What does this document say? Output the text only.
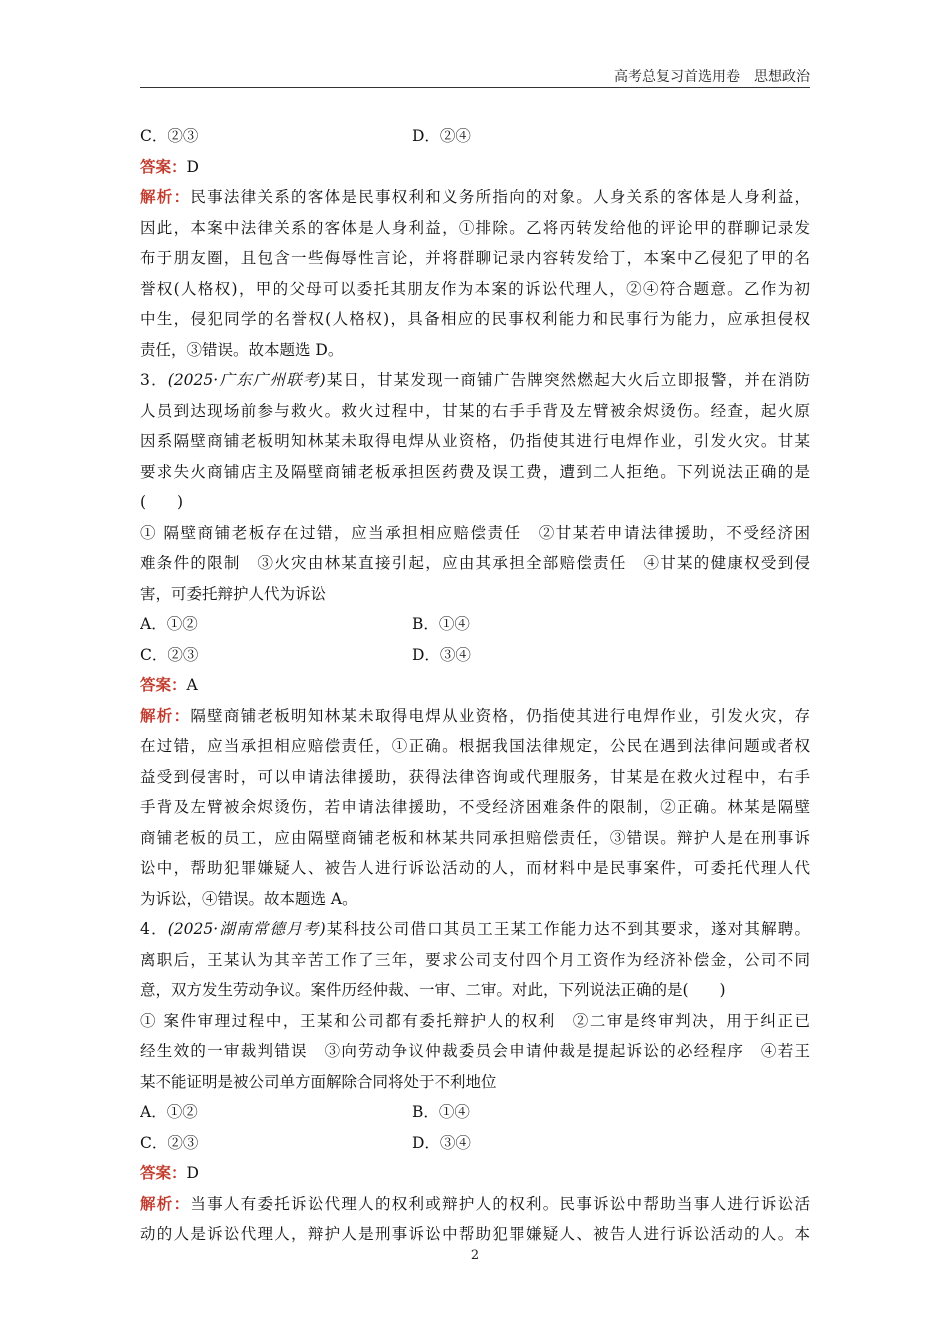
高考总复习首选用卷　思想政治
C．②③	D．②④
答案：D
解析：民事法律关系的客体是民事权利和义务所指向的对象。人身关系的客体是人身利益，
因此，本案中法律关系的客体是人身利益，①排除。乙将丙转发给他的评论甲的群聊记录发
布于朋友圈，且包含一些侮辱性言论，并将群聊记录内容转发给丁，本案中乙侵犯了甲的名
誉权(人格权)，甲的父母可以委托其朋友作为本案的诉讼代理人，②④符合题意。乙作为初
中生，侵犯同学的名誉权(人格权)，具备相应的民事权利能力和民事行为能力，应承担侵权
责任，③错误。故本题选 D。
3．(2025·广东广州联考)某日，甘某发现一商铺广告牌突然燃起大火后立即报警，并在消防
人员到达现场前参与救火。救火过程中，甘某的右手手背及左臂被余烬烫伤。经查，起火原
因系隔壁商铺老板明知林某未取得电焊从业资格，仍指使其进行电焊作业，引发火灾。甘某
要求失火商铺店主及隔壁商铺老板承担医药费及误工费，遭到二人拒绝。下列说法正确的是
(　　)
① 隔壁商铺老板存在过错，应当承担相应赔偿责任　②甘某若申请法律援助，不受经济困
难条件的限制　③火灾由林某直接引起，应由其承担全部赔偿责任　④甘某的健康权受到侵
害，可委托辩护人代为诉讼
A．①②	B．①④
C．②③	D．③④
答案：A
解析：隔壁商铺老板明知林某未取得电焊从业资格，仍指使其进行电焊作业，引发火灾，存
在过错，应当承担相应赔偿责任，①正确。根据我国法律规定，公民在遇到法律问题或者权
益受到侵害时，可以申请法律援助，获得法律咨询或代理服务，甘某是在救火过程中，右手
手背及左臂被余烬烫伤，若申请法律援助，不受经济困难条件的限制，②正确。林某是隔壁
商铺老板的员工，应由隔壁商铺老板和林某共同承担赔偿责任，③错误。辩护人是在刑事诉
讼中，帮助犯罪嫌疑人、被告人进行诉讼活动的人，而材料中是民事案件，可委托代理人代
为诉讼，④错误。故本题选 A。
4．(2025·湖南常德月考)某科技公司借口其员工王某工作能力达不到其要求，遂对其解聘。
离职后，王某认为其辛苦工作了三年，要求公司支付四个月工资作为经济补偿金，公司不同
意，双方发生劳动争议。案件历经仲裁、一审、二审。对此，下列说法正确的是(　　)
① 案件审理过程中，王某和公司都有委托辩护人的权利　②二审是终审判决，用于纠正已
经生效的一审裁判错误　③向劳动争议仲裁委员会申请仲裁是提起诉讼的必经程序　④若王
某不能证明是被公司单方面解除合同将处于不利地位
A．①②	B．①④
C．②③	D．③④
答案：D
解析：当事人有委托诉讼代理人的权利或辩护人的权利。民事诉讼中帮助当事人进行诉讼活
动的人是诉讼代理人，辩护人是刑事诉讼中帮助犯罪嫌疑人、被告人进行诉讼活动的人。本
2
